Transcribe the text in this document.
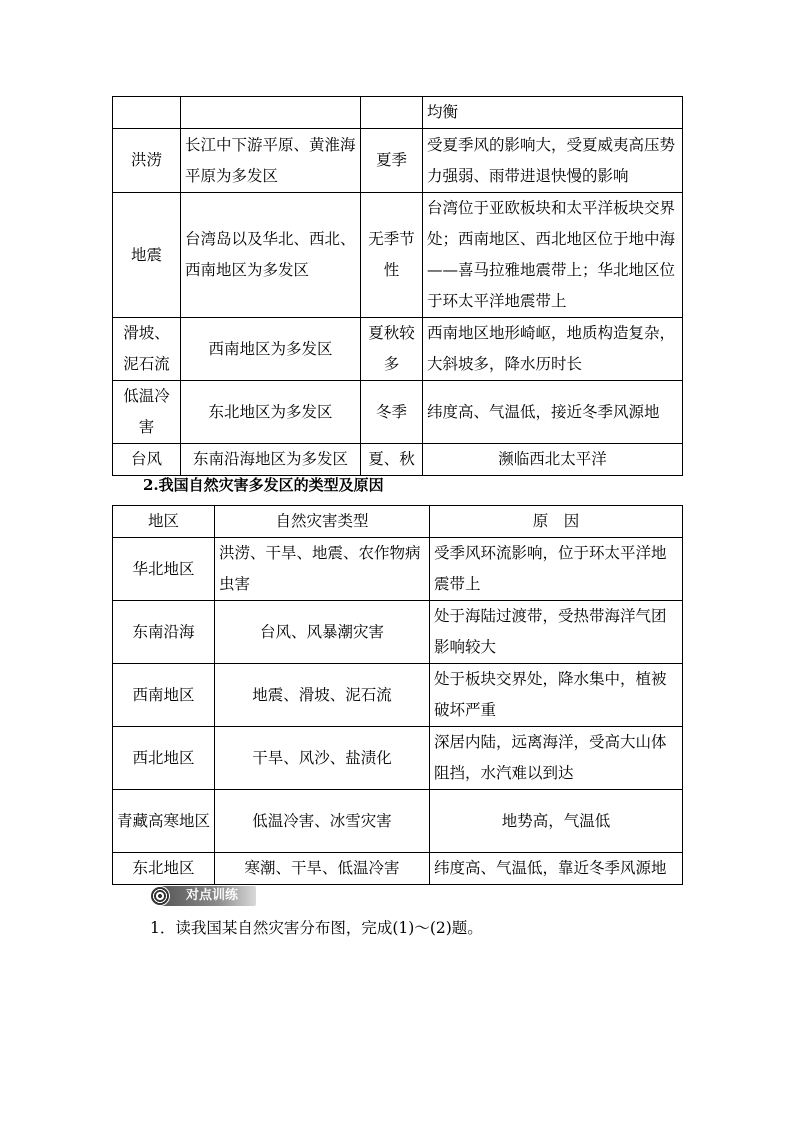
			均衡
洪涝	长江中下游平原、黄淮海平原为多发区	夏季	受夏季风的影响大，受夏威夷高压势力强弱、雨带进退快慢的影响
地震	台湾岛以及华北、西北、西南地区为多发区	无季节性	台湾位于亚欧板块和太平洋板块交界处；西南地区、西北地区位于地中海——喜马拉雅地震带上；华北地区位于环太平洋地震带上
滑坡、泥石流	西南地区为多发区	夏秋较多	西南地区地形崎岖，地质构造复杂，大斜坡多，降水历时长
低温冷害	东北地区为多发区	冬季	纬度高、气温低，接近冬季风源地
台风	东南沿海地区为多发区	夏、秋	濒临西北太平洋
2.我国自然灾害多发区的类型及原因
地区	自然灾害类型	原　因
华北地区	洪涝、干旱、地震、农作物病虫害	受季风环流影响，位于环太平洋地震带上
东南沿海	台风、风暴潮灾害	处于海陆过渡带，受热带海洋气团影响较大
西南地区	地震、滑坡、泥石流	处于板块交界处，降水集中，植被破坏严重
西北地区	干旱、风沙、盐渍化	深居内陆，远离海洋，受高大山体阻挡，水汽难以到达
青藏高寒地区	低温冷害、冰雪灾害	地势高，气温低
东北地区	寒潮、干旱、低温冷害	纬度高、气温低，靠近冬季风源地
对点训练
1．读我国某自然灾害分布图，完成(1)～(2)题。
